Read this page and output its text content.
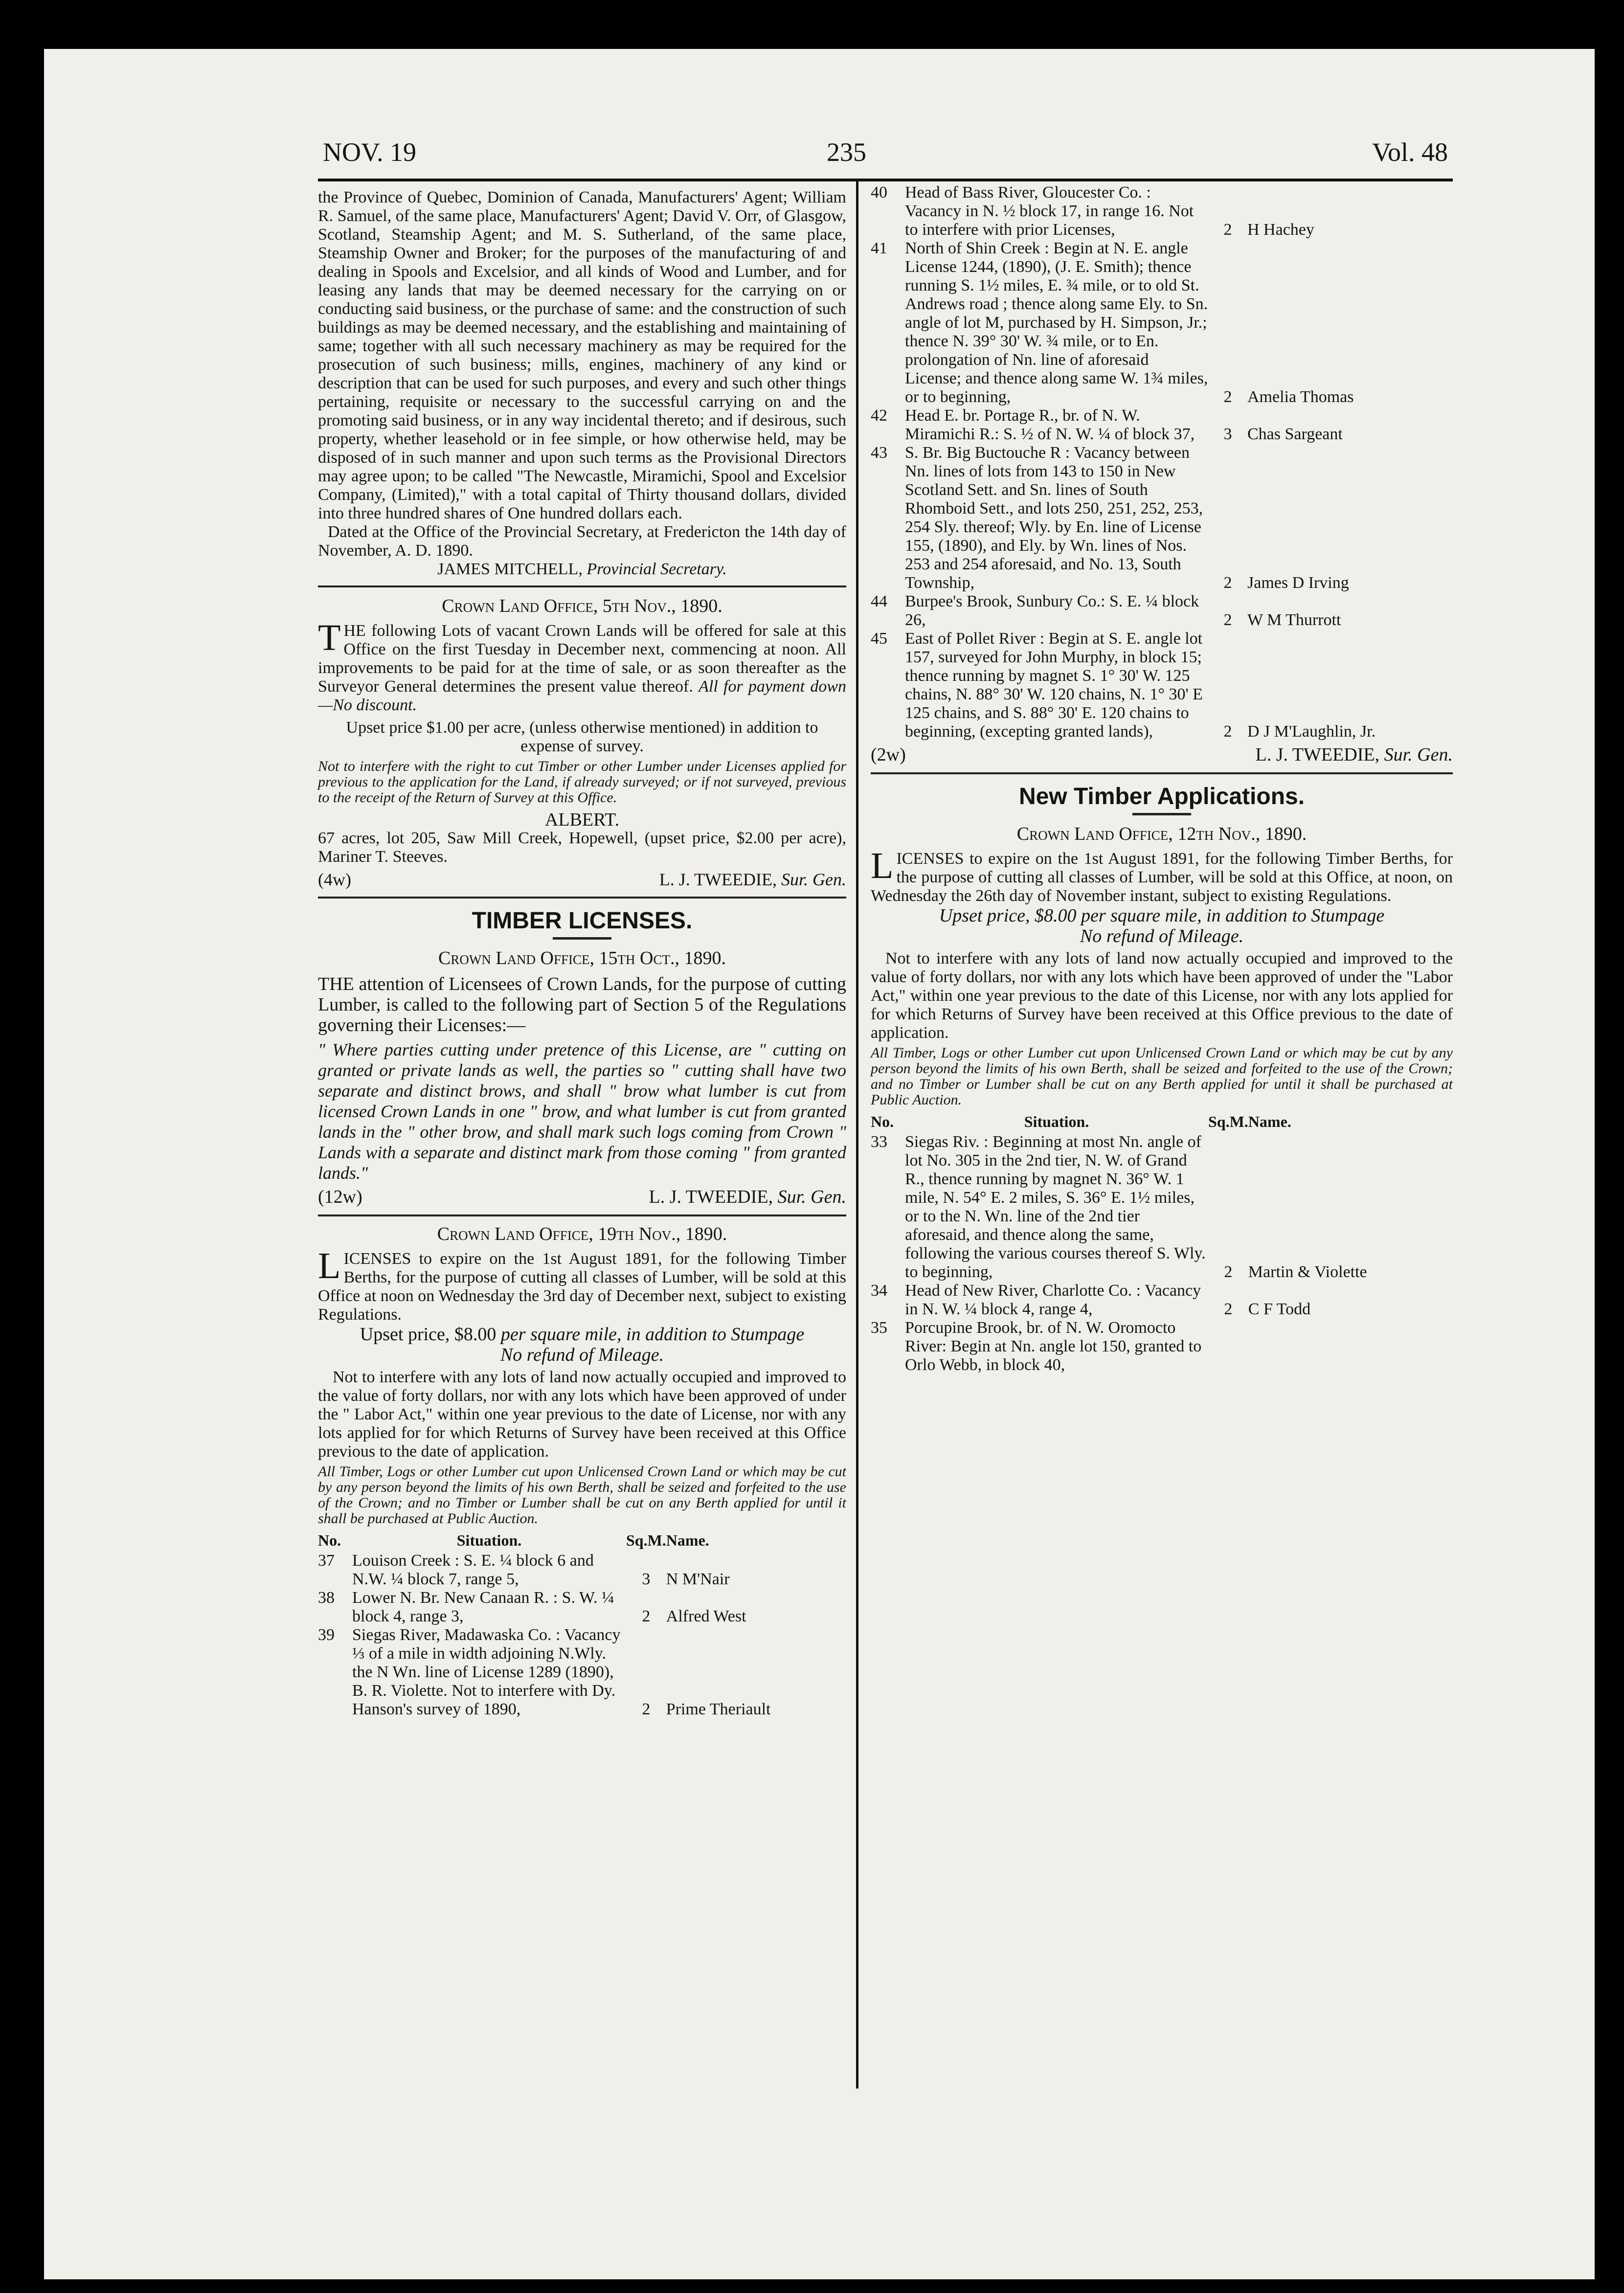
NOV. 19	235	Vol. 48

the Province of Quebec, Dominion of Canada, Manufacturers' Agent; William R. Samuel, of the same place, Manufacturers' Agent; David V. Orr, of Glasgow, Scotland, Steamship Agent; and M. S. Sutherland, of the same place, Steamship Owner and Broker; for the purposes of the manufacturing of and dealing in Spools and Excelsior, and all kinds of Wood and Lumber, and for leasing any lands that may be deemed necessary for the carrying on or conducting said business, or the purchase of same: and the construction of such buildings as may be deemed necessary, and the establishing and maintaining of same; together with all such necessary machinery as may be required for the prosecution of such business; mills, engines, machinery of any kind or description that can be used for such purposes, and every and such other things pertaining, requisite or necessary to the successful carrying on and the promoting said business, or in any way incidental thereto; and if desirous, such property, whether leasehold or in fee simple, or how otherwise held, may be disposed of in such manner and upon such terms as the Provisional Directors may agree upon; to be called "The Newcastle, Miramichi, Spool and Excelsior Company, (Limited)," with a total capital of Thirty thousand dollars, divided into three hundred shares of One hundred dollars each.

Dated at the Office of the Provincial Secretary, at Fredericton the 14th day of November, A. D. 1890.

JAMES MITCHELL, Provincial Secretary.

Crown Land Office, 5th Nov., 1890.

THE following Lots of vacant Crown Lands will be offered for sale at this Office on the first Tuesday in December next, commencing at noon. All improvements to be paid for at the time of sale, or as soon thereafter as the Surveyor General determines the present value thereof. All for payment down—No discount.

Upset price $1.00 per acre, (unless otherwise mentioned) in addition to expense of survey.

Not to interfere with the right to cut Timber or other Lumber under Licenses applied for previous to the application for the Land, if already surveyed; or if not surveyed, previous to the receipt of the Return of Survey at this Office.

ALBERT.

67 acres, lot 205, Saw Mill Creek, Hopewell, (upset price, $2.00 per acre), Mariner T. Steeves.

(4w)	L. J. TWEEDIE, Sur. Gen.
TIMBER LICENSES.
Crown Land Office, 15th Oct., 1890.

THE attention of Licensees of Crown Lands, for the purpose of cutting Lumber, is called to the following part of Section 5 of the Regulations governing their Licenses:—

" Where parties cutting under pretence of this License, are " cutting on granted or private lands as well, the parties so " cutting shall have two separate and distinct brows, and shall " brow what lumber is cut from licensed Crown Lands in one " brow, and what lumber is cut from granted lands in the " other brow, and shall mark such logs coming from Crown " Lands with a separate and distinct mark from those coming " from granted lands."

(12w)	L. J. TWEEDIE, Sur. Gen.
Crown Land Office, 19th Nov., 1890.

LICENSES to expire on the 1st August 1891, for the following Timber Berths, for the purpose of cutting all classes of Lumber, will be sold at this Office at noon on Wednesday the 3rd day of December next, subject to existing Regulations.

Upset price, $8.00 per square mile, in addition to Stumpage
No refund of Mileage.

Not to interfere with any lots of land now actually occupied and improved to the value of forty dollars, nor with any lots which have been approved of under the " Labor Act," within one year previous to the date of License, nor with any lots applied for for which Returns of Survey have been received at this Office previous to the date of application.

All Timber, Logs or other Lumber cut upon Unlicensed Crown Land or which may be cut by any person beyond the limits of his own Berth, shall be seized and forfeited to the use of the Crown; and no Timber or Lumber shall be cut on any Berth applied for until it shall be purchased at Public Auction.

No.	Situation.	Sq.M.	Name.
37	Louison Creek : S. E. ¼ block 6 and N.W. ¼ block 7, range 5,	3	N M'Nair
38	Lower N. Br. New Canaan R. : S. W. ¼ block 4, range 3,	2	Alfred West
39	Siegas River, Madawaska Co. : Vacancy ⅓ of a mile in width adjoining N.Wly. the N Wn. line of License 1289 (1890), B. R. Violette. Not to interfere with Dy. Hanson's survey of 1890,	2	Prime Theriault
40	Head of Bass River, Gloucester Co. : Vacancy in N. ½ block 17, in range 16. Not to interfere with prior Licenses,	2	H Hachey
41	North of Shin Creek : Begin at N. E. angle License 1244, (1890), (J. E. Smith); thence running S. 1½ miles, E. ¾ mile, or to old St. Andrews road ; thence along same Ely. to Sn. angle of lot M, purchased by H. Simpson, Jr.; thence N. 39° 30' W. ¾ mile, or to En. prolongation of Nn. line of aforesaid License; and thence along same W. 1¾ miles, or to beginning,	2	Amelia Thomas
42	Head E. br. Portage R., br. of N. W. Miramichi R.: S. ½ of N. W. ¼ of block 37,	3	Chas Sargeant
43	S. Br. Big Buctouche R : Vacancy between Nn. lines of lots from 143 to 150 in New Scotland Sett. and Sn. lines of South Rhomboid Sett., and lots 250, 251, 252, 253, 254 Sly. thereof; Wly. by En. line of License 155, (1890), and Ely. by Wn. lines of Nos. 253 and 254 aforesaid, and No. 13, South Township,	2	James D Irving
44	Burpee's Brook, Sunbury Co.: S. E. ¼ block 26,	2	W M Thurrott
45	East of Pollet River : Begin at S. E. angle lot 157, surveyed for John Murphy, in block 15; thence running by magnet S. 1° 30' W. 125 chains, N. 88° 30' W. 120 chains, N. 1° 30' E 125 chains, and S. 88° 30' E. 120 chains to beginning, (excepting granted lands),	2	D J M'Laughlin, Jr.
(2w)	L. J. TWEEDIE, Sur. Gen.
New Timber Applications.
Crown Land Office, 12th Nov., 1890.

LICENSES to expire on the 1st August 1891, for the following Timber Berths, for the purpose of cutting all classes of Lumber, will be sold at this Office, at noon, on Wednesday the 26th day of November instant, subject to existing Regulations.

Upset price, $8.00 per square mile, in addition to Stumpage
No refund of Mileage.

Not to interfere with any lots of land now actually occupied and improved to the value of forty dollars, nor with any lots which have been approved of under the "Labor Act," within one year previous to the date of this License, nor with any lots applied for for which Returns of Survey have been received at this Office previous to the date of application.

All Timber, Logs or other Lumber cut upon Unlicensed Crown Land or which may be cut by any person beyond the limits of his own Berth, shall be seized and forfeited to the use of the Crown; and no Timber or Lumber shall be cut on any Berth applied for until it shall be purchased at Public Auction.

No.	Situation.	Sq.M.	Name.
33	Siegas Riv. : Beginning at most Nn. angle of lot No. 305 in the 2nd tier, N. W. of Grand R., thence running by magnet N. 36° W. 1 mile, N. 54° E. 2 miles, S. 36° E. 1½ miles, or to the N. Wn. line of the 2nd tier aforesaid, and thence along the same, following the various courses thereof S. Wly. to beginning,	2	Martin & Violette
34	Head of New River, Charlotte Co. : Vacancy in N. W. ¼ block 4, range 4,	2	C F Todd
35	Porcupine Brook, br. of N. W. Oromocto River: Begin at Nn. angle lot 150, granted to Orlo Webb, in block 40,		
